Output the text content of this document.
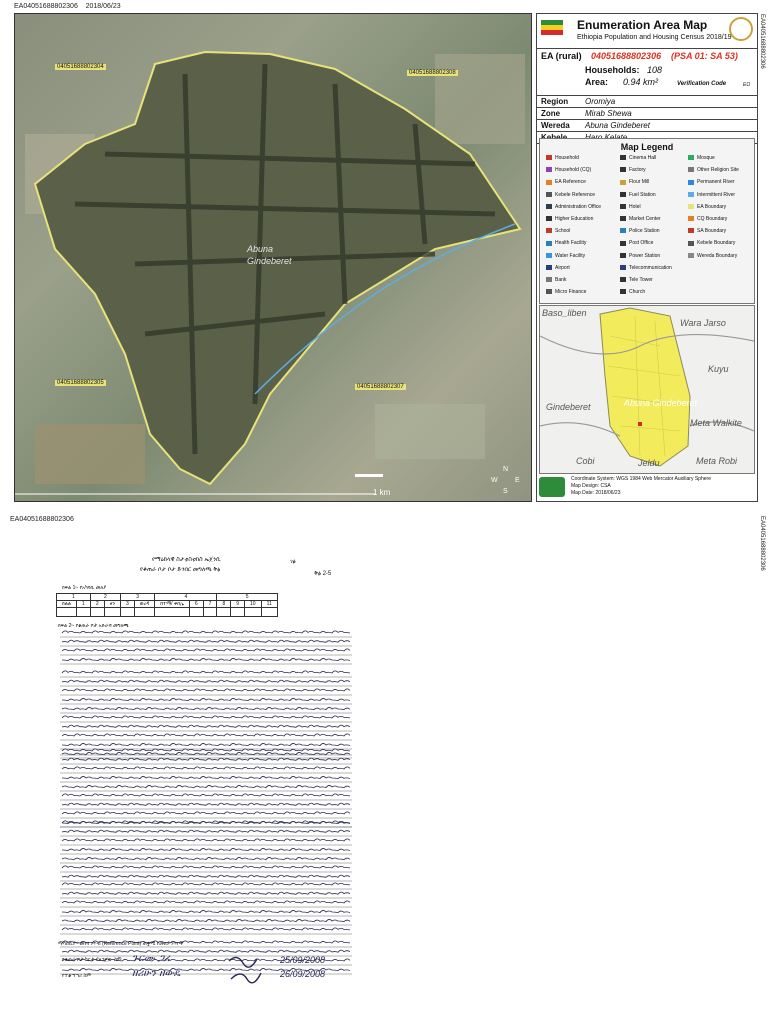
EA04051688802306 2018/06/23
EA04051688802306
Abuna
Gindeberet
04051688802304
04051688802308
04051688802305
04051688802307
N
E
S
W
1 km
Enumeration Area Map
Ethiopia Population and Housing Census 2018/19
EA (rural) 04051688802306 (PSA 01: SA 53)
Households: 108
Area: 0.94 km²	Verification Code	EO
Region Oromiya
Zone	Mirab Shewa
Wereda Abuna Gindeberet
Map Legend
Household
Household (CQ)
EA Reference
Kebele Reference
Administration Office
Higher Education
School
Health Facility
Water Facility
Airport
Bank
Micro Finance
Cinema Hall
Factory
Flour Mill
Fuel Station
Hotel
Market Center
Police Station
Post Office
Power Station
Telecommunication
Tele Tower
Church
Mosque
Other Religion Site
Permanent River
Intermittent River
EA Boundary
CQ Boundary
SA Boundary
Kebele Boundary
Wereda Boundary
Baso_liben
Wara Jarso
Kuyu
Gindeberet	Abuna Gindeberet
Meta Walkite
Cobi	Jeldu	Meta Robi
Coordinate System: WGS 1984 Web Mercator Auxiliary Sphere
Map Design: CSA
Map Date: 2018/06/23
EA04051688802306	EA04051688802306
የማዕከላዊ ስታቲስቲክስ ኤጀንሲ
የቆጠራ ቦታ ቦታ ድንበር መግለጫ ቅፅ
ገፅ
ቅፅ 2-5
ክፍል 1፡- የአካባቢ መለያ
1		2		3		4			5			
ክልል	1	2	ዞን	3	ወረዳ	ከተማ/ ቀበሌ	6	7	8	9	10	11

ክፍል 2፡- የቆጠራ ቦታ አድራሻ መግለጫ
ማሳሰቢያ፡- መነሻ ነጥብ (Reference Point) ጠቋሚ የመለያ ነጥቦች
የቆጠራ ቦታ ካርታ ያዘጋጀው ስም ጉርሙ ጋረ	25/09/2008
የተቆጣጣሪ ስም	ዘሪሁን ዘውዴ	26/09/2008
